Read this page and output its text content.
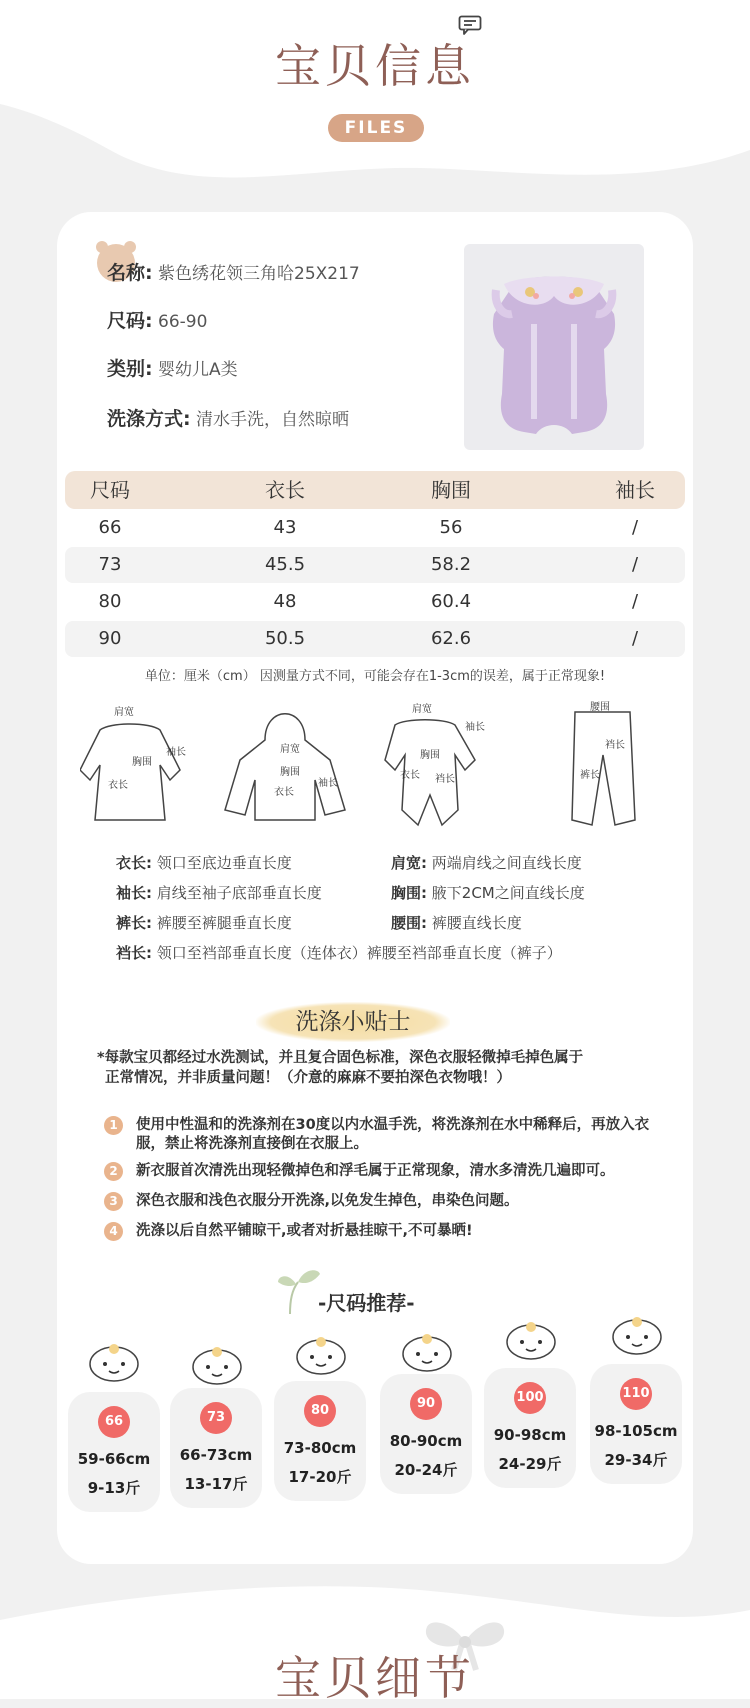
宝贝信息
FILES
名称: 紫色绣花领三角哈25X217
尺码: 66-90
类别: 婴幼儿A类
洗涤方式: 清水手洗，自然晾晒
尺码	衣长	胸围	袖长
66	43	56	/
73	45.5	58.2	/
80	48	60.4	/
90	50.5	62.6	/
单位：厘米（cm） 因测量方式不同，可能会存在1-3cm的误差，属于正常现象!
肩宽
胸围
衣长
袖长	肩宽
胸围
衣长
袖长
肩宽
胸围
衣长 裆长
袖长
腰围
裆长
裤长
衣长: 领口至底边垂直长度	肩宽: 两端肩线之间直线长度
袖长: 肩线至袖子底部垂直长度	胸围: 腋下2CM之间直线长度
裤长: 裤腰至裤腿垂直长度	腰围: 裤腰直线长度
裆长: 领口至裆部垂直长度（连体衣）裤腰至裆部垂直长度（裤子）
洗涤小贴士
*每款宝贝都经过水洗测试，并且复合固色标准，深色衣服轻微掉毛掉色属于
正常情况，并非质量问题！（介意的麻麻不要拍深色衣物哦！）
1	使用中性温和的洗涤剂在30度以内水温手洗，将洗涤剂在水中稀释后，再放入衣服，禁止将洗涤剂直接倒在衣服上。
2	新衣服首次清洗出现轻微掉色和浮毛属于正常现象，清水多清洗几遍即可。
3	深色衣服和浅色衣服分开洗涤,以免发生掉色，串染色问题。
4	洗涤以后自然平铺晾干,或者对折悬挂晾干,不可暴晒!
-尺码推荐-
66
59-66cm
9-13斤
73
66-73cm
13-17斤
80
73-80cm
17-20斤
90
80-90cm
20-24斤
100
90-98cm
24-29斤
110
98-105cm
29-34斤
宝贝细节
